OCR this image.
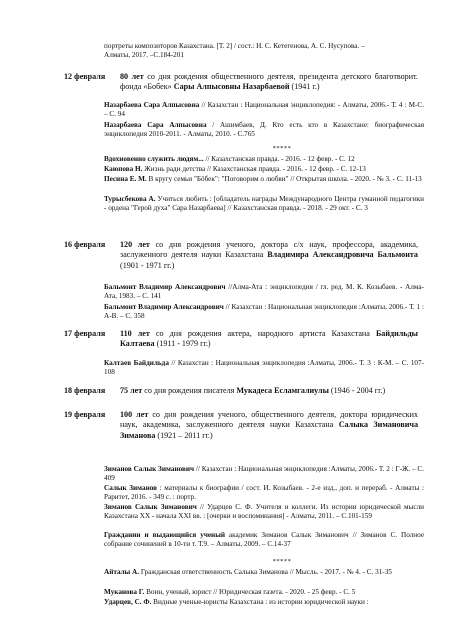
портреты композиторов Казахстана. [Т. 2] / сост.: Н. С. Кетегенова, А. С. Нусупова. –
Алматы, 2017. –С.184-201
12 февраля 80 лет со дня рождения общественного деятеля, президента детского благотворит. фонда «Бобек» Сары Алпысовны Назарбаевой (1941 г.)
Назарбаева Сара Алпысовна // Казахстан : Национальная энциклопедия: - Алматы, 2006.- Т. 4 : М-С. – С. 94
Назарбаева Сара Алпысовна / Ашимбаев, Д. Кто есть кто в Казахстане: биографическая энциклопедия 2010-2011. - Алматы, 2010. - С.765
*****
Вдохновенно служить людям... // Казахстанская правда. - 2016. - 12 февр. - С. 12
Каюпова Н. Жизнь ради детства // Казахстанская правда. - 2016. - 12 февр. - С. 12-13
Песина Е. М. В кругу семьи "Бӧбек": "Поговорим о любви" // Открытая школа. - 2020. - № 3. - С. 11-13
Турысбекова А. Учиться любить : [обладатель награды Международного Центра гуманной педагогики - ордена "Герой духа" Сара Назарбаева] // Казахстанская правда. - 2018. - 29 окт. - С. 3
16 февраля 120 лет со дня рождения ученого, доктора с/х наук, профессора, академика, заслуженного деятеля науки Казахстана Владимира Александровича Бальмонта (1901 - 1971 гг.)
Бальмонт Владимир Александрович //Алма-Ата : энциклопедия / гл. ред. М. К. Козыбаев. - Алма-Ата, 1983. – С. 141
Бальмонт Владимир Александрович // Казахстан : Национальная энциклопедия :Алматы, 2006.- Т. 1 : А-В. – С. 358
17 февраля 110 лет со дня рождения актера, народного артиста Казахстана Байдильды Калтаева (1911 - 1979 гг.)
Калтаев Байдильда // Казахстан : Национальная энциклопедия :Алматы, 2006.- Т. 3 : К-М. – С. 107-108
18 февраля 75 лет со дня рождения писателя Мукадеса Есламгалиулы (1946 - 2004 гг.)
19 февраля 100 лет со дня рождения ученого, общественного деятеля, доктора юридических наук, академика, заслуженного деятеля науки Казахстана Салыка Зимановича Зиманова (1921 – 2011 гг.)
Зиманов Салык Зиманович // Казахстан : Национальная энциклопедия :Алматы, 2006.- Т. 2 : Г-Ж. – С. 409
Салык Зиманов : материалы к биографии / сост. И. Козыбаев. - 2-е изд., доп. и перераб. - Алматы : Раритет, 2016. - 349 с. : портр.
Зиманов Салык Зиманович // Ударцев С. Ф. Учителя и коллеги. Из истории юридической мысли Казахстана XX - начала XXI вв. : [очерки и воспоминания] - Алматы, 2011. – С.101-159
Гражданин и выдающийся ученый академик Зиманов Салык Зиманович // Зиманов С. Полное собрание сочинений в 10-ти т. Т.9. – Алматы, 2009. – С.14-37
*****
Айталы А. Гражданская ответственность Салыка Зиманова // Мысль. - 2017. - № 4. - С. 31-35
Муканова Г. Воин, ученый, юрист // Юридическая газета. - 2020. - 25 февр. - С. 5
Ударцев, С. Ф. Видные ученые-юристы Казахстана : из истории юридической науки :
